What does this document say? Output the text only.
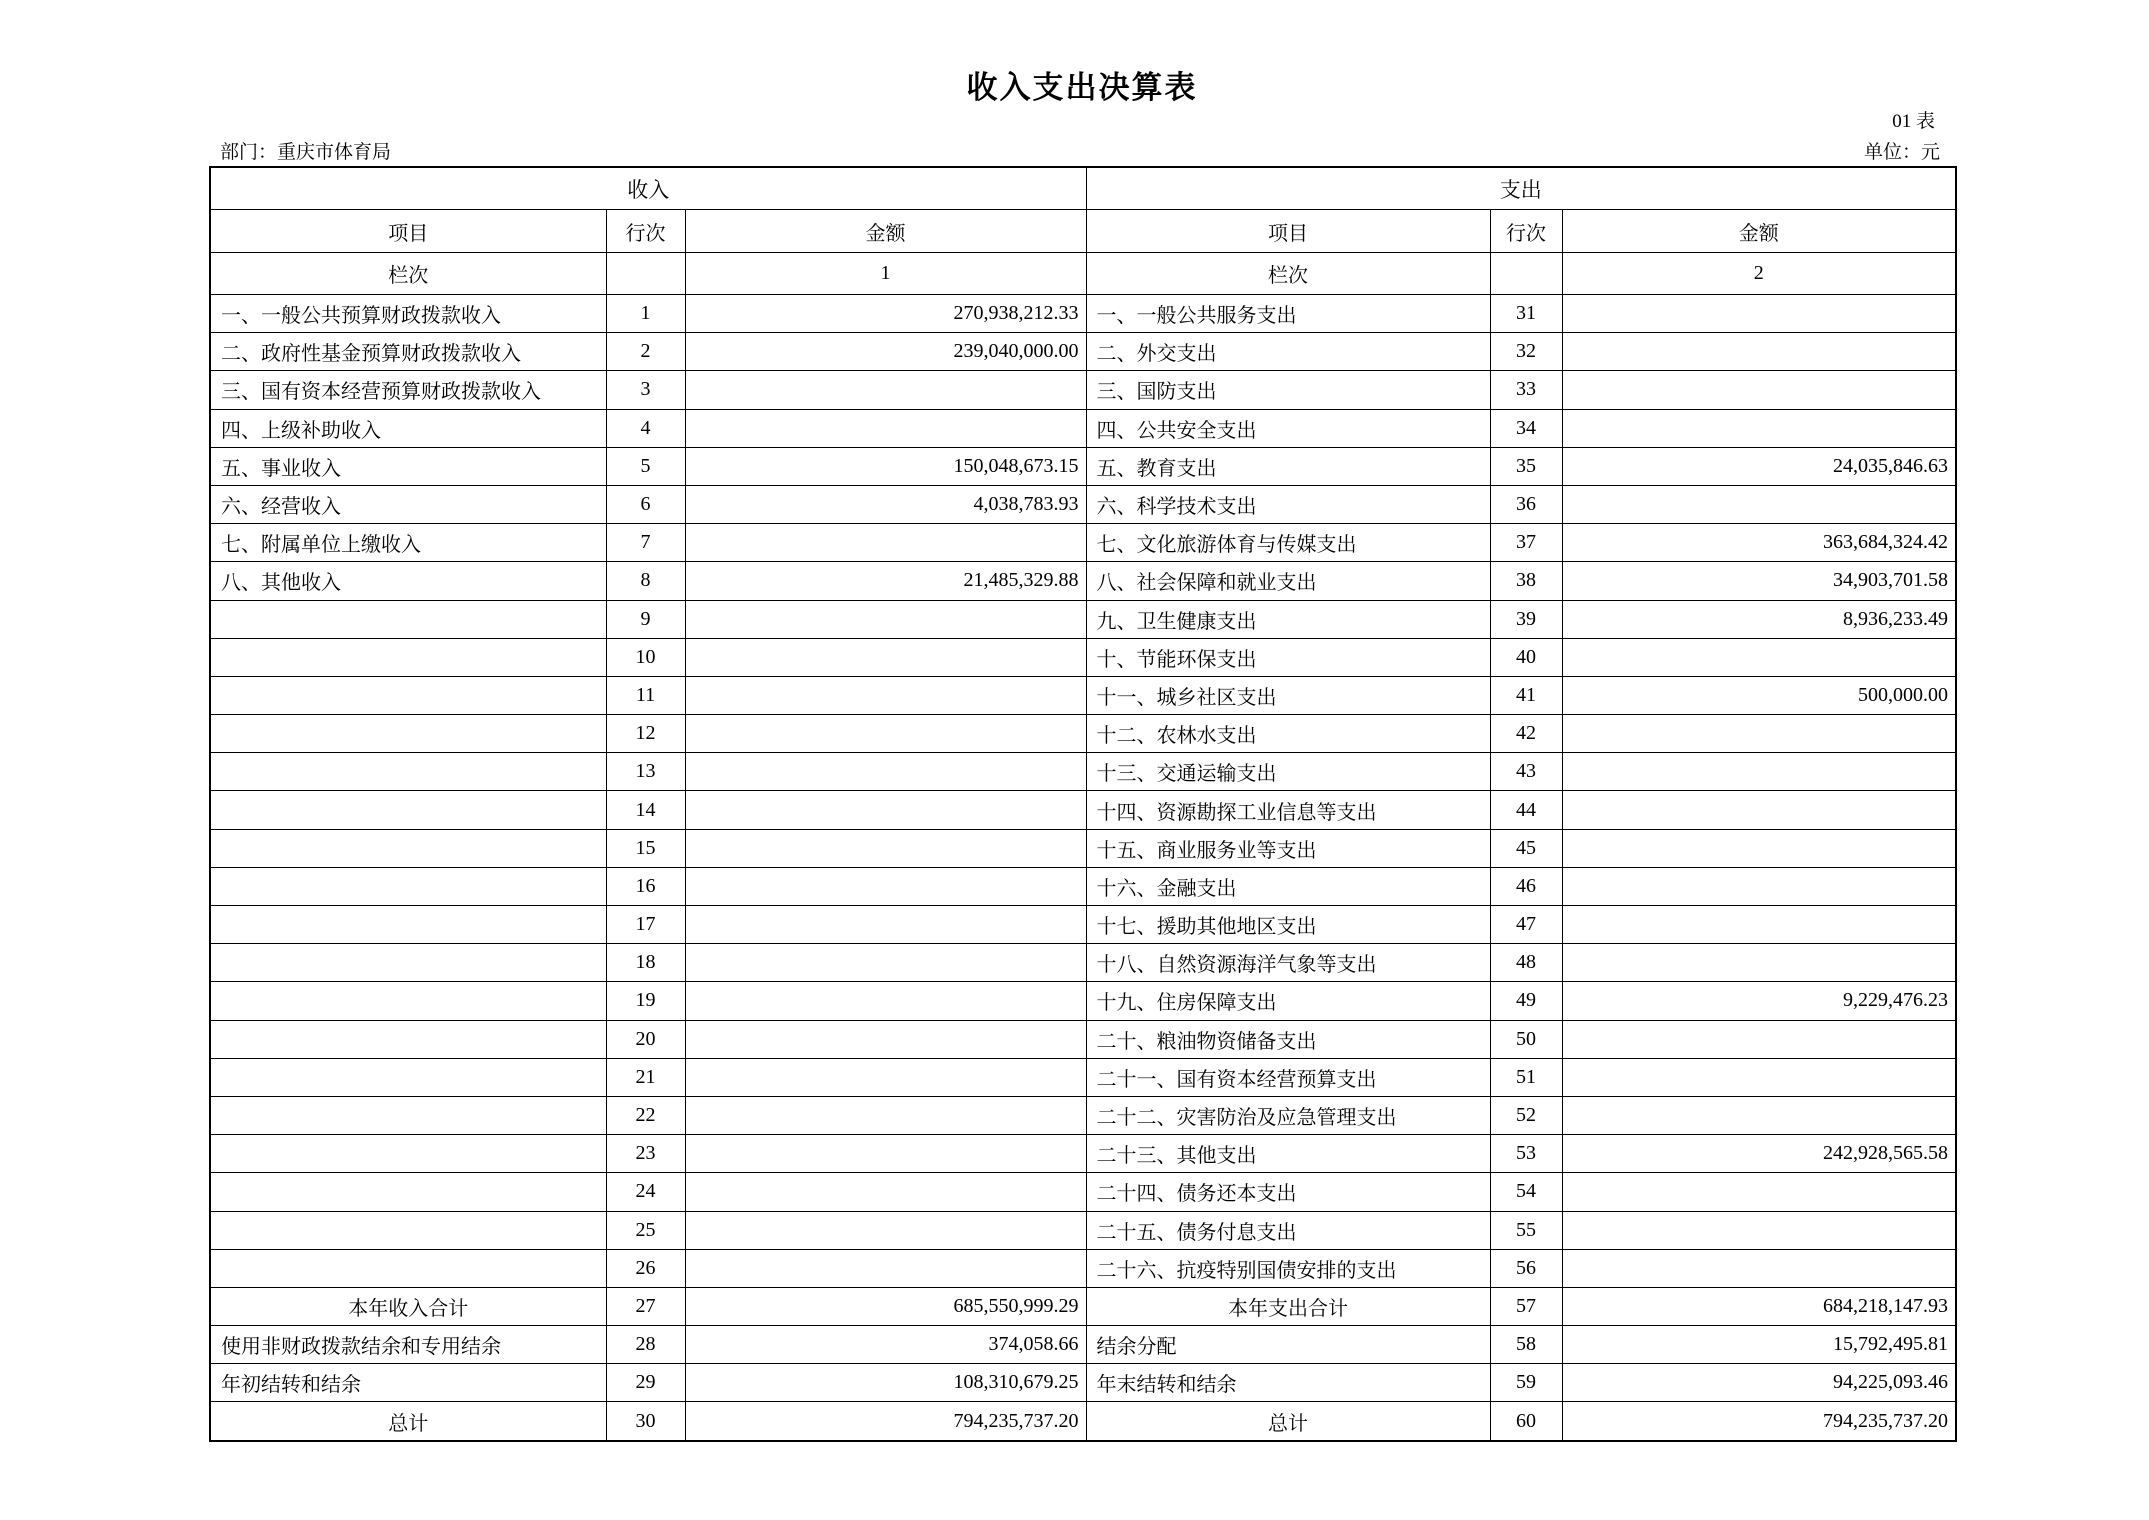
收入支出决算表
01 表
部门：重庆市体育局	单位：元
收入			支出		
项目	行次	金额	项目	行次	金额
栏次		1	栏次		2
一、一般公共预算财政拨款收入	1	270,938,212.33	一、一般公共服务支出	31	
二、政府性基金预算财政拨款收入	2	239,040,000.00	二、外交支出	32	
三、国有资本经营预算财政拨款收入	3		三、国防支出	33	
四、上级补助收入	4		四、公共安全支出	34	
五、事业收入	5	150,048,673.15	五、教育支出	35	24,035,846.63
六、经营收入	6	4,038,783.93	六、科学技术支出	36	
七、附属单位上缴收入	7		七、文化旅游体育与传媒支出	37	363,684,324.42
八、其他收入	8	21,485,329.88	八、社会保障和就业支出	38	34,903,701.58
	9		九、卫生健康支出	39	8,936,233.49
	10		十、节能环保支出	40	
	11		十一、城乡社区支出	41	500,000.00
	12		十二、农林水支出	42	
	13		十三、交通运输支出	43	
	14		十四、资源勘探工业信息等支出	44	
	15		十五、商业服务业等支出	45	
	16		十六、金融支出	46	
	17		十七、援助其他地区支出	47	
	18		十八、自然资源海洋气象等支出	48	
	19		十九、住房保障支出	49	9,229,476.23
	20		二十、粮油物资储备支出	50	
	21		二十一、国有资本经营预算支出	51	
	22		二十二、灾害防治及应急管理支出	52	
	23		二十三、其他支出	53	242,928,565.58
	24		二十四、债务还本支出	54	
	25		二十五、债务付息支出	55	
	26		二十六、抗疫特别国债安排的支出	56	
本年收入合计	27	685,550,999.29	本年支出合计	57	684,218,147.93
使用非财政拨款结余和专用结余	28	374,058.66	结余分配	58	15,792,495.81
年初结转和结余	29	108,310,679.25	年末结转和结余	59	94,225,093.46
总计	30	794,235,737.20	总计	60	794,235,737.20
